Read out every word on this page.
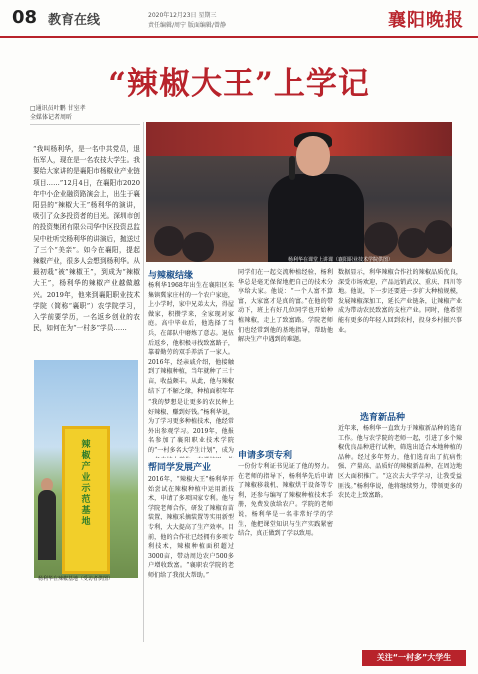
08 教育在线	2020年12月23日 星期三
责任编辑/周宁 版面编辑/曾静	襄阳晚报
“辣椒大王”上学记
□通讯员叶鹏 甘室孝
全媒体记者周昕
“我叫杨利华，是一名中共党员，退伍军人，现在是一名农技大学生。我要给大家讲的是襄阳市杨椒业产业链项目……”12月4日，在襄阳市2020年中小企业融资路演会上，出生于襄阳县的“辣椒大王”杨利华的演讲，吸引了众多投资者的目光。深圳市创的投资集团有限公司华中区投资总监吴中杜听完杨利华的讲演后，抛送过了三个“美亲”。如今在襄阳，提起辣椒产业，很多人会想到杨利华。从最初栽“被”辣椒王”，到成为“辣椒大王”，杨利华的辣椒产业越做越兴。2019年，他来到襄阳职业技术学院（简称“襄职”）农学院学习，入学前要学历，一名返乡创业的农民，如何在为“一村多”学员……
杨利华在课堂上讲课（襄阳职业技术学院供图）
与辣椒结缘
杨利华1968年出生在襄阳区朱集镇冀家庄村的一个农户家庭，上小学时，家中兄弟太大，得屋做家，积攒学来，全家现对家庭。高中毕业后，他选择了当兵，在部队中磨炼了意志。退伍后返乡，他积极寻找致富路子，靠着勤劳的双手养活了一家人。2016年，经亲戚介绍，他接触到了辣椒种植，当年就种了三十亩，收益颇丰。从此，他与辣椒结下了不解之缘，种植面积年年
“我的梦想是让更多的农民种上好辣椒、赚到好钱。”杨利华说，为了学习更多种植技术，他经常外出参观学习。2019年，他报名参加了襄阳职业技术学院的“一村多名大学生计划”，成为
帮同学发展产业
2016年，“辣椒大王”杨利华开始尝试在辣椒种植中运用新技术，申请了多项国家专利。他与学院老师合作，研发了辣椒育苗装置、辣椒采摘装置等实用新型专利，大大提高了生产效率。目前，他的合作社已经拥有多项专利技术，辣椒种植面积超过3000亩，带动周边农户500多户增收致富。“襄职农学院的老师们给了我很大帮助。”
同学们在一起交流种植经验，杨利华总是毫无保留地把自己的技术分享给大家。他说：“一个人富不算富，大家富才是真的富。”在他的带动下，班上有好几位同学也开始种植辣椒，走上了致富路。学院老师们也经常到他的基地指导，帮助他解决生产中遇到的难题。
申请多项专利
一份份专利证书见证了他的努力。在老师的指导下，杨利华先后申请了辣椒移栽机、辣椒烘干设备等专利，还参与编写了辣椒种植技术手册，免费发放给农户。学院的老师说，杨利华是一名非常好学的学生，他把课堂知识与生产实践紧密结合，真正做到了学以致用。
数据显示，利华辣椒合作社的辣椒品质优良，深受市场欢迎，产品远销武汉、重庆、四川等地。他说，下一步还要进一步扩大种植规模，发展辣椒深加工，延长产业链条，让辣椒产业成为带动农民致富的支柱产业。同时，他希望能有更多的年轻人回到农村，投身乡村振兴事业。
选育新品种
近年来，杨利华一直致力于辣椒新品种的选育工作。他与农学院的老师一起，引进了多个辣椒优良品种进行试种，筛选出适合本地种植的品种。经过多年努力，他们选育出了抗病性强、产量高、品质好的辣椒新品种，在周边地区大面积推广。“这次去大学学习，让我受益匪浅。”杨利华说，他将继续努力，带领更多的农民走上致富路。
辣椒产业示范基地
杨利华在辣椒基地（受访者供图）
关注“一村多”大学生
